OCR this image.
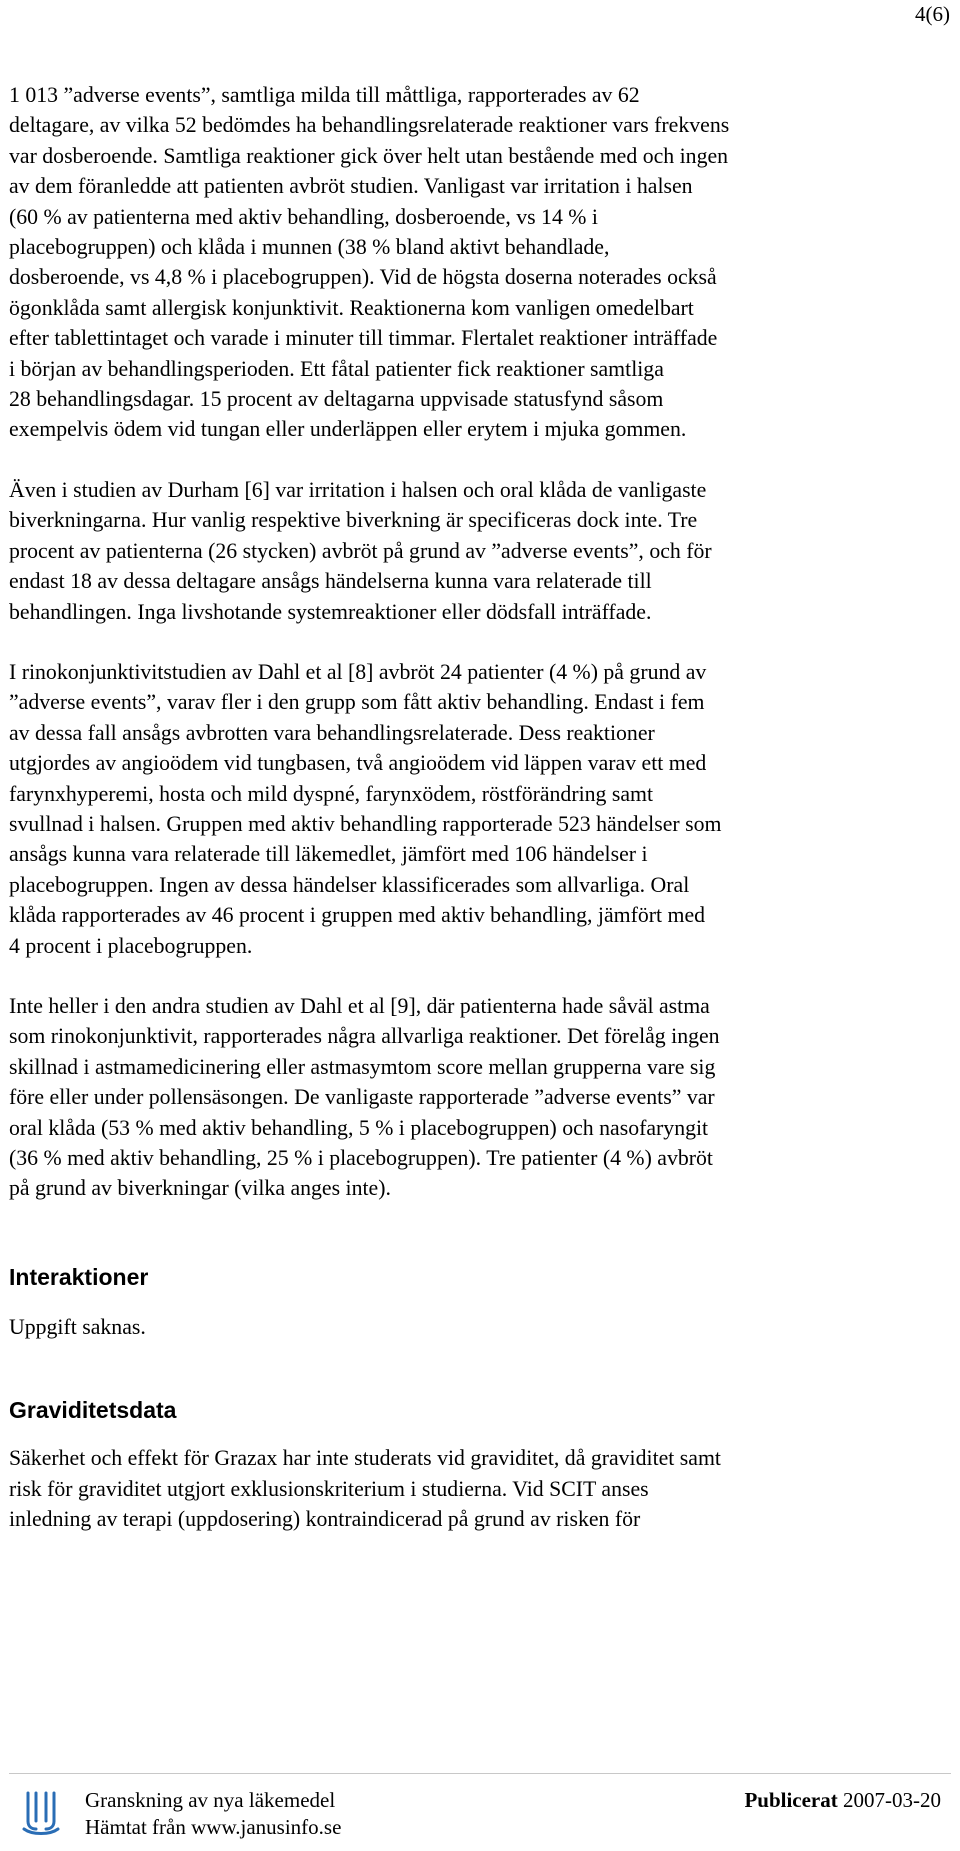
4(6)

1 013 ”adverse events”, samtliga milda till måttliga, rapporterades av 62
deltagare, av vilka 52 bedömdes ha behandlingsrelaterade reaktioner vars frekvens
var dosberoende. Samtliga reaktioner gick över helt utan bestående med och ingen
av dem föranledde att patienten avbröt studien. Vanligast var irritation i halsen
(60 % av patienterna med aktiv behandling, dosberoende, vs 14 % i
placebogruppen) och klåda i munnen (38 % bland aktivt behandlade,
dosberoende, vs 4,8 % i placebogruppen). Vid de högsta doserna noterades också
ögonklåda samt allergisk konjunktivit. Reaktionerna kom vanligen omedelbart
efter tablettintaget och varade i minuter till timmar. Flertalet reaktioner inträffade
i början av behandlingsperioden. Ett fåtal patienter fick reaktioner samtliga
28 behandlingsdagar. 15 procent av deltagarna uppvisade statusfynd såsom
exempelvis ödem vid tungan eller underläppen eller erytem i mjuka gommen.

Även i studien av Durham [6] var irritation i halsen och oral klåda de vanligaste
biverkningarna. Hur vanlig respektive biverkning är specificeras dock inte. Tre
procent av patienterna (26 stycken) avbröt på grund av ”adverse events”, och för
endast 18 av dessa deltagare ansågs händelserna kunna vara relaterade till
behandlingen. Inga livshotande systemreaktioner eller dödsfall inträffade.

I rinokonjunktivitstudien av Dahl et al [8] avbröt 24 patienter (4 %) på grund av
”adverse events”, varav fler i den grupp som fått aktiv behandling. Endast i fem
av dessa fall ansågs avbrotten vara behandlingsrelaterade. Dess reaktioner
utgjordes av angioödem vid tungbasen, två angioödem vid läppen varav ett med
farynxhyperemi, hosta och mild dyspné, farynxödem, röstförändring samt
svullnad i halsen. Gruppen med aktiv behandling rapporterade 523 händelser som
ansågs kunna vara relaterade till läkemedlet, jämfört med 106 händelser i
placebogruppen. Ingen av dessa händelser klassificerades som allvarliga. Oral
klåda rapporterades av 46 procent i gruppen med aktiv behandling, jämfört med
4 procent i placebogruppen.

Inte heller i den andra studien av Dahl et al [9], där patienterna hade såväl astma
som rinokonjunktivit, rapporterades några allvarliga reaktioner. Det förelåg ingen
skillnad i astmamedicinering eller astmasymtom score mellan grupperna vare sig
före eller under pollensäsongen. De vanligaste rapporterade ”adverse events” var
oral klåda (53 % med aktiv behandling, 5 % i placebogruppen) och nasofaryngit
(36 % med aktiv behandling, 25 % i placebogruppen). Tre patienter (4 %) avbröt
på grund av biverkningar (vilka anges inte).

Interaktioner

Uppgift saknas.

Graviditetsdata

Säkerhet och effekt för Grazax har inte studerats vid graviditet, då graviditet samt
risk för graviditet utgjort exklusionskriterium i studierna. Vid SCIT anses
inledning av terapi (uppdosering) kontraindicerad på grund av risken för

Granskning av nya läkemedel
Hämtat från www.janusinfo.se
Publicerat 2007-03-20
